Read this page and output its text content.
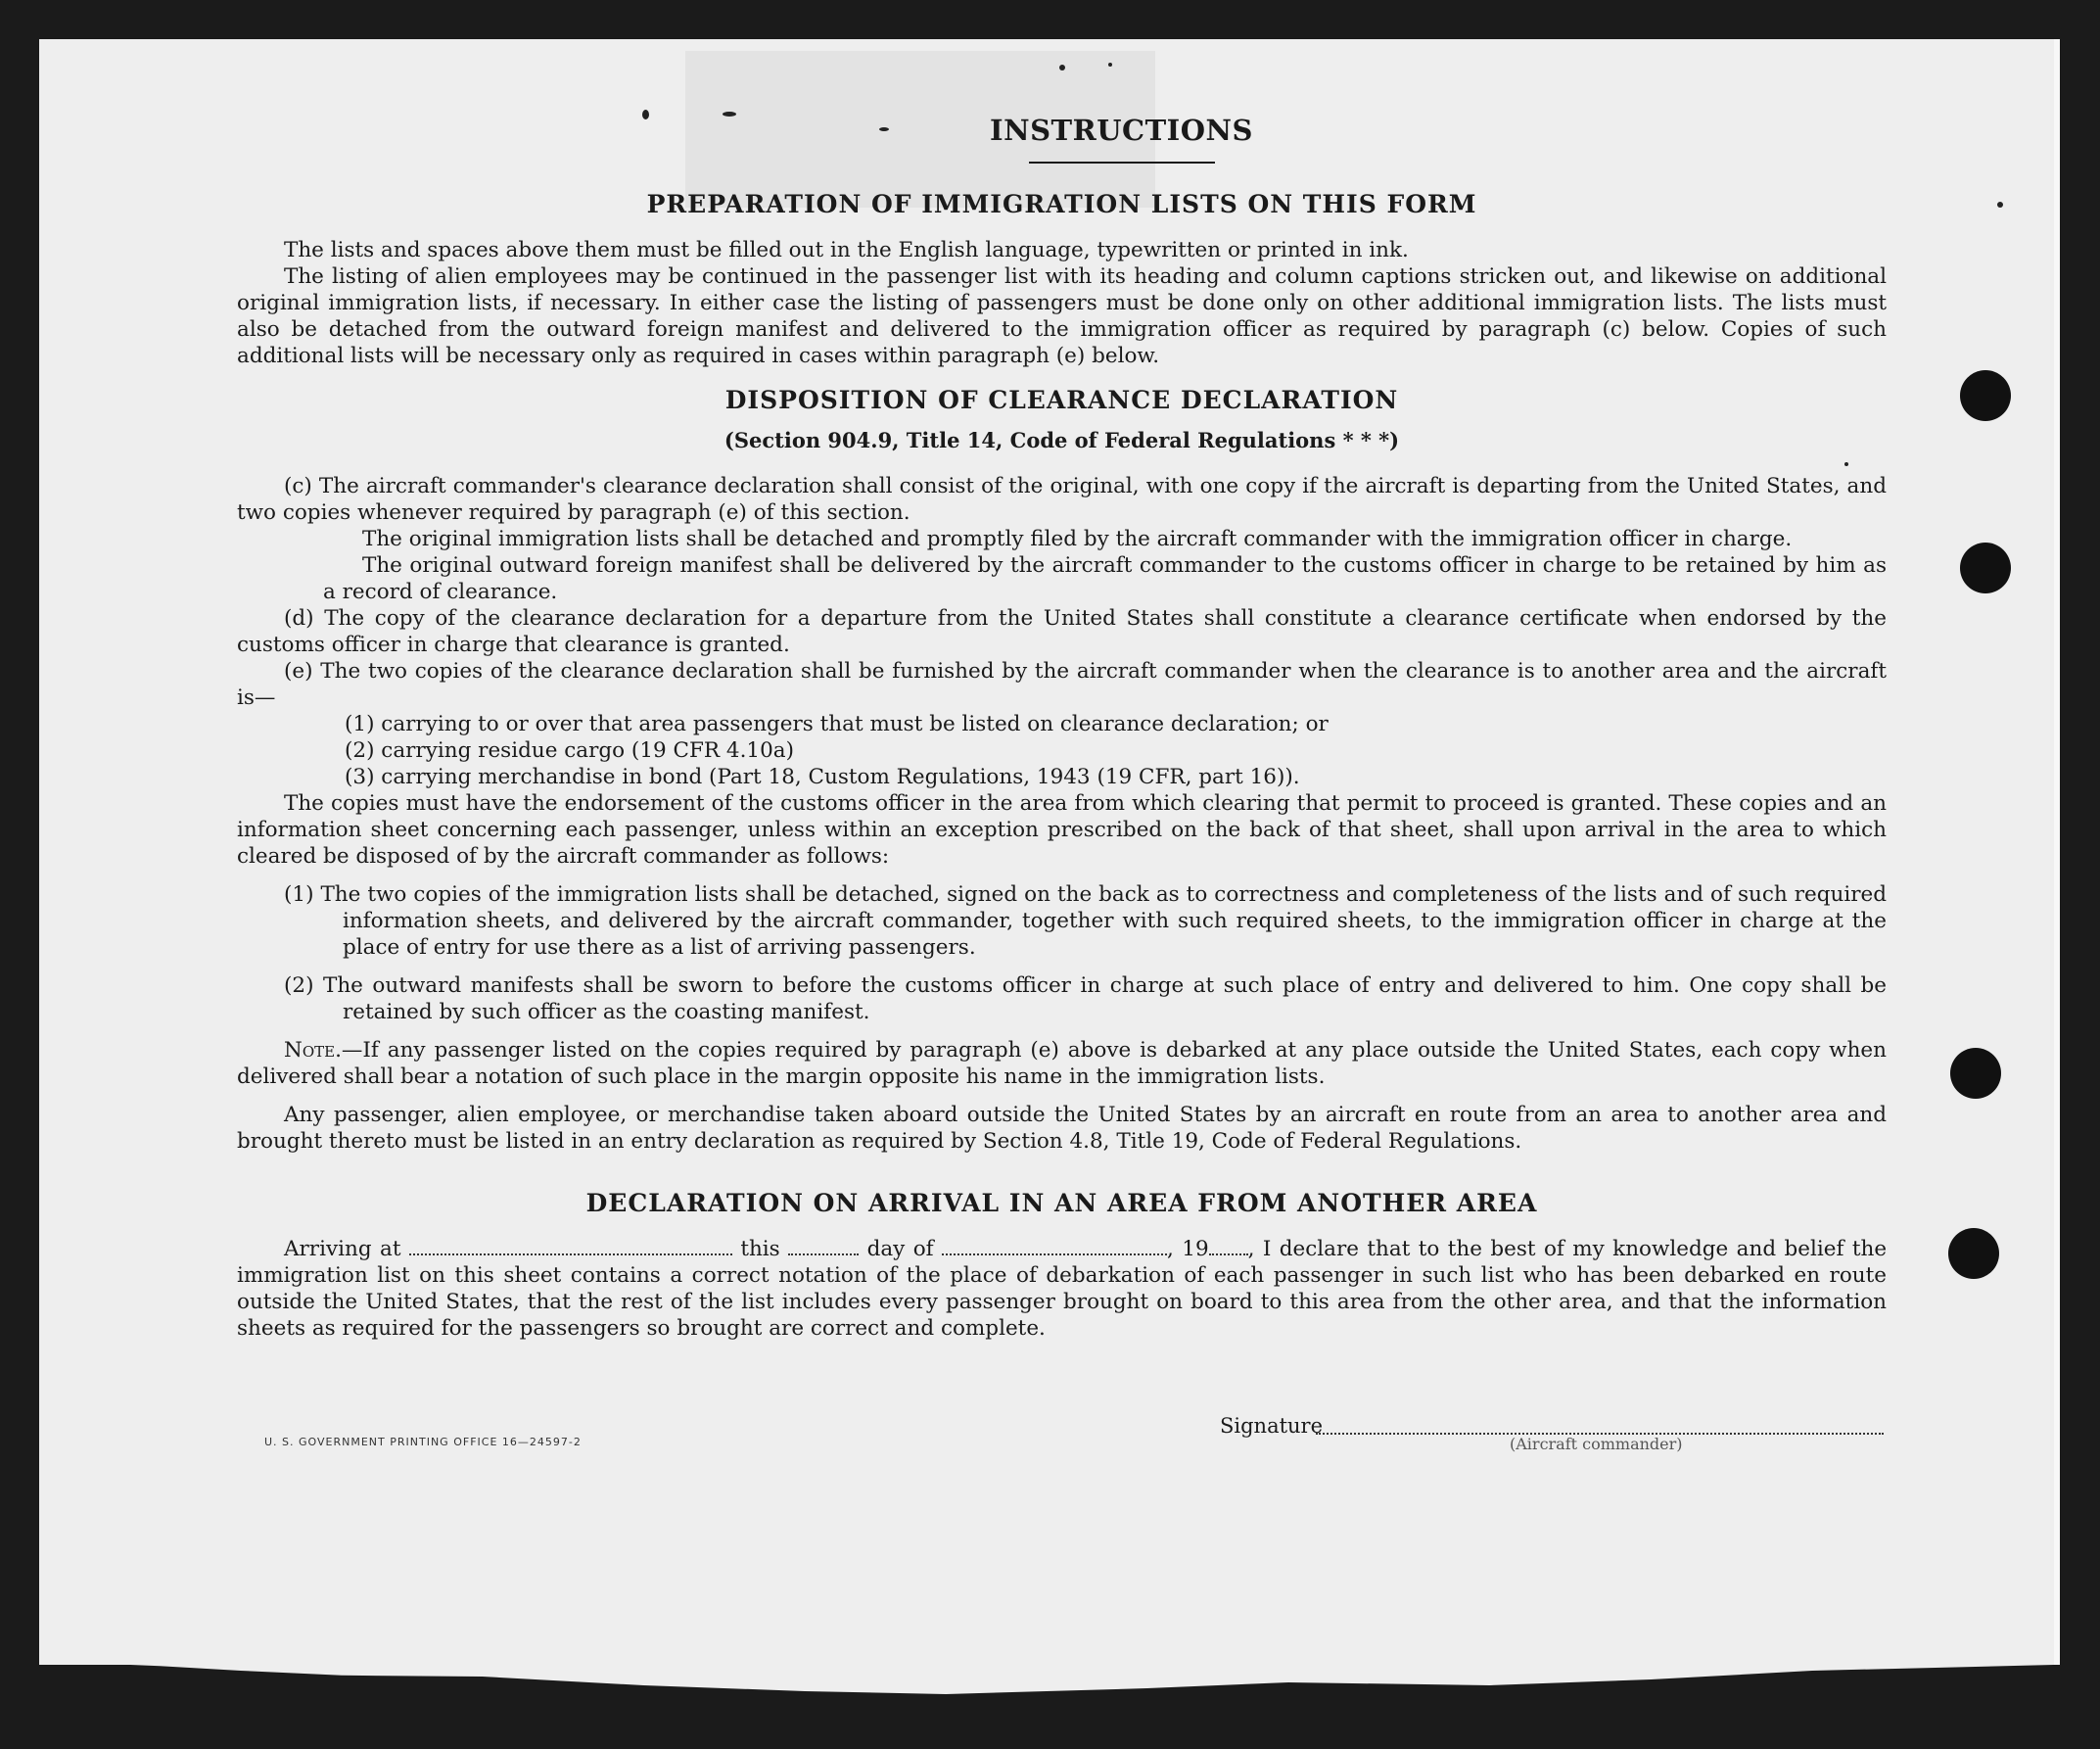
INSTRUCTIONS
PREPARATION OF IMMIGRATION LISTS ON THIS FORM

The lists and spaces above them must be filled out in the English language, typewritten or printed in ink.

The listing of alien employees may be continued in the passenger list with its heading and column captions stricken out, and likewise on additional original immigration lists, if necessary. In either case the listing of passengers must be done only on other additional immigration lists. The lists must also be detached from the outward foreign manifest and delivered to the immigration officer as required by paragraph (c) below. Copies of such additional lists will be necessary only as required in cases within paragraph (e) below.

DISPOSITION OF CLEARANCE DECLARATION
(Section 904.9, Title 14, Code of Federal Regulations * * *)

(c) The aircraft commander's clearance declaration shall consist of the original, with one copy if the aircraft is departing from the United States, and two copies whenever required by paragraph (e) of this section.

The original immigration lists shall be detached and promptly filed by the aircraft commander with the immigration officer in charge.

The original outward foreign manifest shall be delivered by the aircraft commander to the customs officer in charge to be retained by him as a record of clearance.

(d) The copy of the clearance declaration for a departure from the United States shall constitute a clearance certificate when endorsed by the customs officer in charge that clearance is granted.

(e) The two copies of the clearance declaration shall be furnished by the aircraft commander when the clearance is to another area and the aircraft is—

(1) carrying to or over that area passengers that must be listed on clearance declaration; or

(2) carrying residue cargo (19 CFR 4.10a)

(3) carrying merchandise in bond (Part 18, Custom Regulations, 1943 (19 CFR, part 16)).

The copies must have the endorsement of the customs officer in the area from which clearing that permit to proceed is granted. These copies and an information sheet concerning each passenger, unless within an exception prescribed on the back of that sheet, shall upon arrival in the area to which cleared be disposed of by the aircraft commander as follows:

(1) The two copies of the immigration lists shall be detached, signed on the back as to correctness and completeness of the lists and of such required information sheets, and delivered by the aircraft commander, together with such required sheets, to the immigration officer in charge at the place of entry for use there as a list of arriving passengers.

(2) The outward manifests shall be sworn to before the customs officer in charge at such place of entry and delivered to him. One copy shall be retained by such officer as the coasting manifest.

Note.—If any passenger listed on the copies required by paragraph (e) above is debarked at any place outside the United States, each copy when delivered shall bear a notation of such place in the margin opposite his name in the immigration lists.

Any passenger, alien employee, or merchandise taken aboard outside the United States by an aircraft en route from an area to another area and brought thereto must be listed in an entry declaration as required by Section 4.8, Title 19, Code of Federal Regulations.

DECLARATION ON ARRIVAL IN AN AREA FROM ANOTHER AREA

Arriving at	this	day of	, 19 , I declare that to the best of my knowledge and belief the immigration list on this sheet contains a correct notation of the place of debarkation of each passenger in such list who has been debarked en route outside the United States, that the rest of the list includes every passenger brought on board to this area from the other area, and that the information sheets as required for the passengers so brought are correct and complete.

U. S. GOVERNMENT PRINTING OFFICE 16—24597-2
Signature
(Aircraft commander)
